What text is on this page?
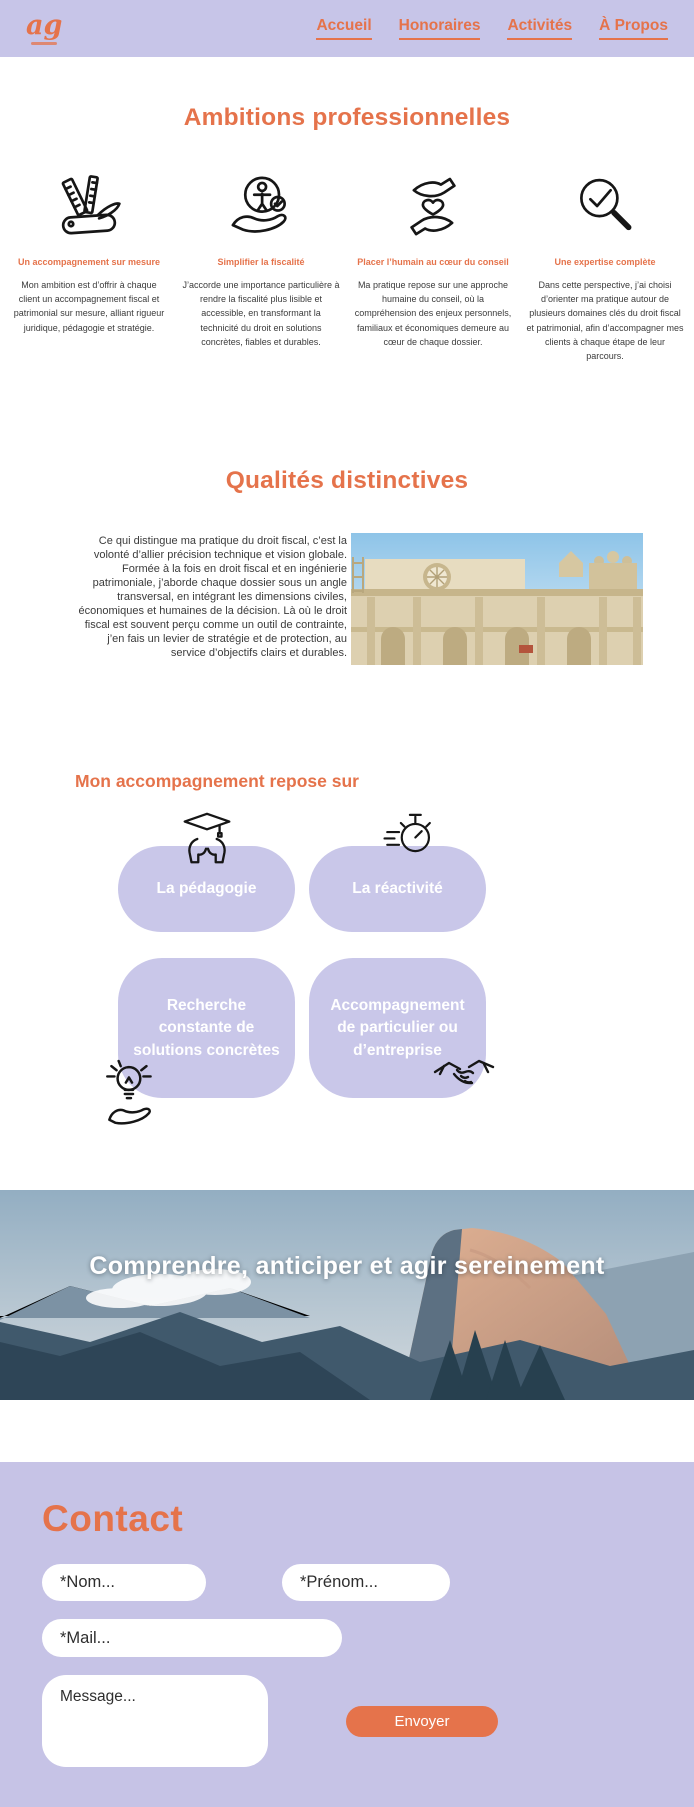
ag	Accueil Honoraires Activités À Propos
Ambitions professionnelles
Un accompagnement sur mesure

Mon ambition est d’offrir à chaque client un accompagnement fiscal et patrimonial sur mesure, alliant rigueur juridique, pédagogie et stratégie.

Simplifier la fiscalité

J’accorde une importance particulière à rendre la fiscalité plus lisible et accessible, en transformant la technicité du droit en solutions concrètes, fiables et durables.

Placer l’humain au cœur du conseil

Ma pratique repose sur une approche humaine du conseil, où la compréhension des enjeux personnels, familiaux et économiques demeure au cœur de chaque dossier.

Une expertise complète

Dans cette perspective, j’ai choisi d’orienter ma pratique autour de plusieurs domaines clés du droit fiscal et patrimonial, afin d’accompagner mes clients à chaque étape de leur parcours.

Qualités distinctives

Ce qui distingue ma pratique du droit fiscal, c’est la volonté d’allier précision technique et vision globale. Formée à la fois en droit fiscal et en ingénierie patrimoniale, j’aborde chaque dossier sous un angle transversal, en intégrant les dimensions civiles, économiques et humaines de la décision. Là où le droit fiscal est souvent perçu comme un outil de contrainte, j’en fais un levier de stratégie et de protection, au service d’objectifs clairs et durables.

Mon accompagnement repose sur
La pédagogie	La réactivité
Recherche constante de solutions concrètes
Accompagnement de particulier ou d’entreprise
Comprendre, anticiper et agir sereinement
Contact
*Nom...
*Prénom...
*Mail...
Message...
Envoyer
